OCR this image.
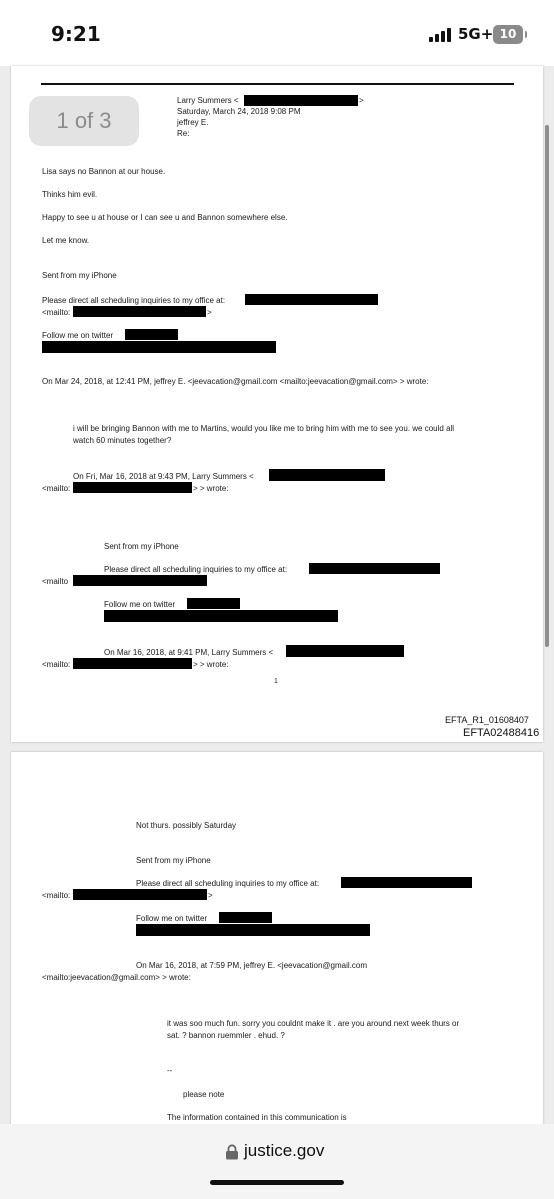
9:21	5G+ 10
1 of 3
Larry Summers <	>
Saturday, March 24, 2018 9:08 PM
jeffrey E.
Re:
Lisa says no Bannon at our house.
Thinks him evil.
Happy to see u at house or I can see u and Bannon somewhere else.
Let me know.
Sent from my iPhone
Please direct all scheduling inquiries to my office at:
<mailto:	>
Follow me on twitter
On Mar 24, 2018, at 12:41 PM, jeffrey E. <jeevacation@gmail.com <mailto:jeevacation@gmail.com> > wrote:
i will be bringing Bannon with me to Martins, would you like me to bring him with me to see you. we could all
watch 60 minutes together?
On Fri, Mar 16, 2018 at 9:43 PM, Larry Summers <
<mailto:	> > wrote:
Sent from my iPhone
Please direct all scheduling inquiries to my office at:
<mailto
Follow me on twitter
On Mar 16, 2018, at 9:41 PM, Larry Summers <
<mailto:	> > wrote:
1
EFTA_R1_01608407
EFTA02488416
Not thurs. possibly Saturday
Sent from my iPhone
Please direct all scheduling inquiries to my office at:
<mailto:	>
Follow me on twitter
On Mar 16, 2018, at 7:59 PM, jeffrey E. <jeevacation@gmail.com
<mailto:jeevacation@gmail.com> > wrote:
it was soo much fun. sorry you couldnt make it . are you around next week thurs or
sat. ? bannon ruemmler . ehud. ?
--
please note
The information contained in this communication is
justice.gov
